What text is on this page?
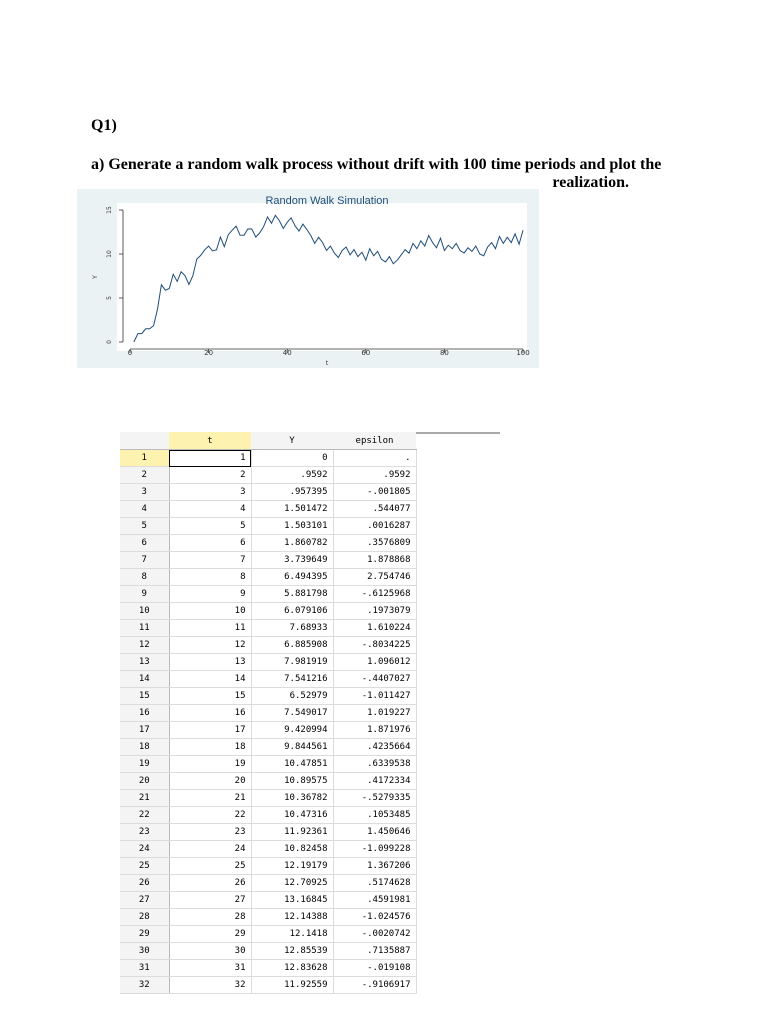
Q1)
a) Generate a random walk process without drift with 100 time periods and plot the
realization.
Random Walk Simulation
0
5
10
15
0	20	40	60	80	100
Y
t
	t	Y	epsilon
1	1	0	.
2	2	.9592	.9592
3	3	.957395	-.001805
4	4	1.501472	.544077
5	5	1.503101	.0016287
6	6	1.860782	.3576809
7	7	3.739649	1.878868
8	8	6.494395	2.754746
9	9	5.881798	-.6125968
10	10	6.079106	.1973079
11	11	7.68933	1.610224
12	12	6.885908	-.8034225
13	13	7.981919	1.096012
14	14	7.541216	-.4407027
15	15	6.52979	-1.011427
16	16	7.549017	1.019227
17	17	9.420994	1.871976
18	18	9.844561	.4235664
19	19	10.47851	.6339538
20	20	10.89575	.4172334
21	21	10.36782	-.5279335
22	22	10.47316	.1053485
23	23	11.92361	1.450646
24	24	10.82458	-1.099228
25	25	12.19179	1.367206
26	26	12.70925	.5174628
27	27	13.16845	.4591981
28	28	12.14388	-1.024576
29	29	12.1418	-.0020742
30	30	12.85539	.7135887
31	31	12.83628	-.019108
32	32	11.92559	-.9106917
